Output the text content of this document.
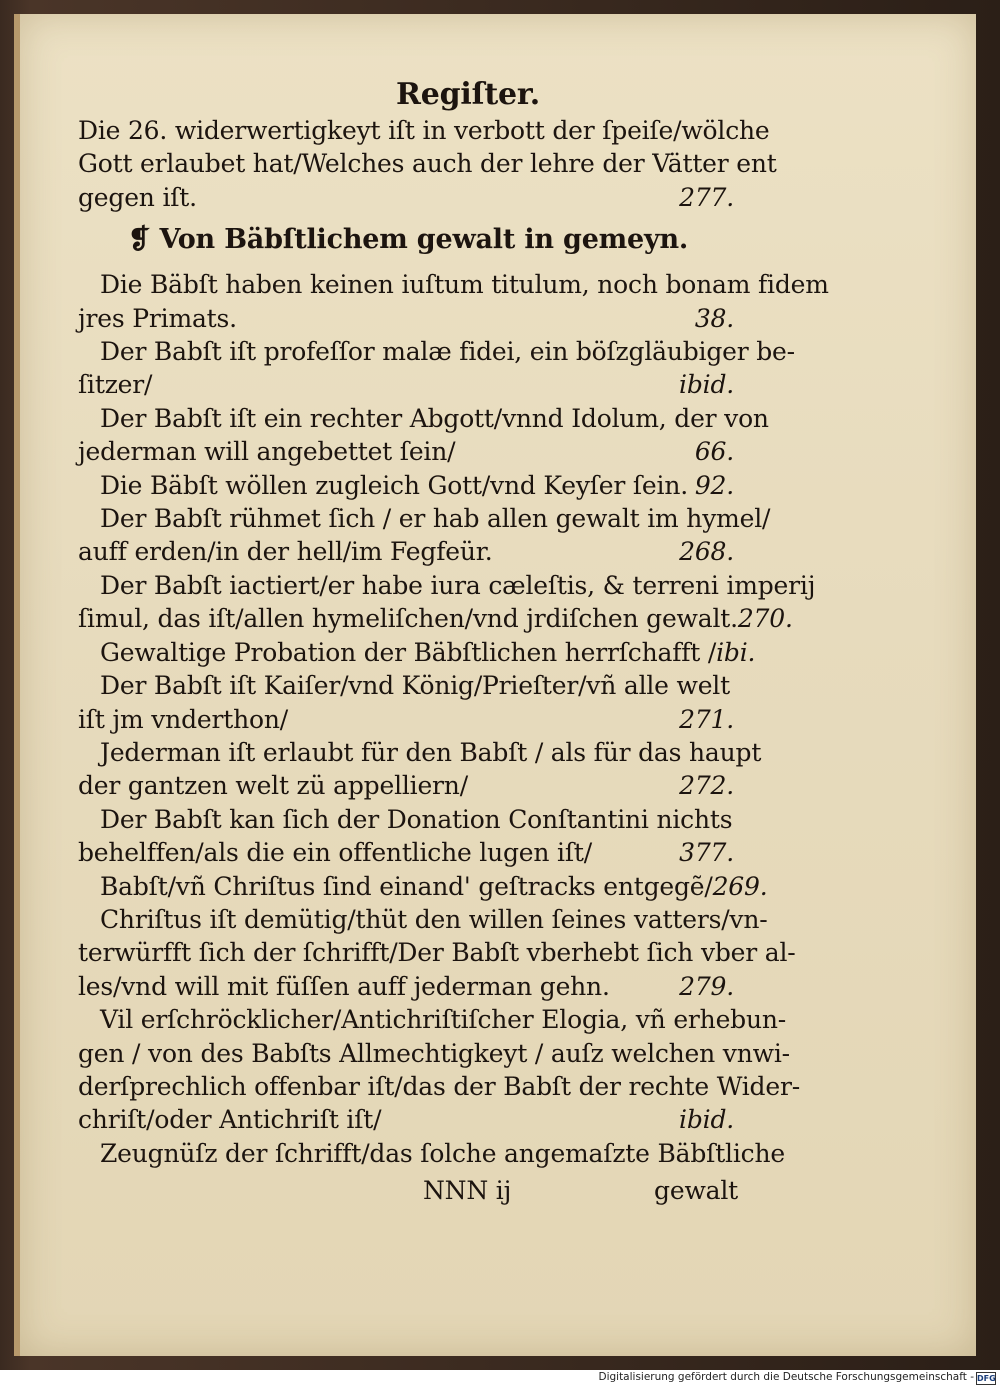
Regiſter.
Die 26. widerwertigkeyt iſt in verbott der ſpeiſe/wölche
Gott erlaubet hat/Welches auch der lehre der Vätter ent
gegen iſt.	277.
❡ Von Bäbſtlichem gewalt in gemeyn.
Die Bäbſt haben keinen iuſtum titulum, noch bonam fidem
jres Primats.	38.
Der Babſt iſt profeſſor malæ fidei, ein böſzgläubiger be-
ſitzer/	ibid.
Der Babſt iſt ein rechter Abgott/vnnd Idolum, der von
jederman will angebettet ſein/	66.
Die Bäbſt wöllen zugleich Gott/vnd Keyſer ſein. 92.
Der Babſt rühmet ſich / er hab allen gewalt im hymel/
auff erden/in der hell/im Fegfeür.	268.
Der Babſt iactiert/er habe iura cæleſtis, & terreni imperij
ſimul, das iſt/allen hymeliſchen/vnd jrdiſchen gewalt. 270.
Gewaltige Probation der Bäbſtlichen herrſchafft / ibi.
Der Babſt iſt Kaiſer/vnd König/Prieſter/vñ alle welt
iſt jm vnderthon/	271.
Jederman iſt erlaubt für den Babſt / als für das haupt
der gantzen welt zü appelliern/	272.
Der Babſt kan ſich der Donation Conſtantini nichts
behelffen/als die ein offentliche lugen iſt/	377.
Babſt/vñ Chriſtus ſind einand' geſtracks entgegẽ/ 269.
Chriſtus iſt demütig/thüt den willen ſeines vatters/vn-
terwürfft ſich der ſchrifft/Der Babſt vberhebt ſich vber al-
les/vnd will mit füſſen auff jederman gehn.	279.
Vil erſchröcklicher/Antichriſtiſcher Elogia, vñ erhebun-
gen / von des Babſts Allmechtigkeyt / auſz welchen vnwi-
derſprechlich offenbar iſt/das der Babſt der rechte Wider-
chriſt/oder Antichriſt iſt/	ibid.
Zeugnüſz der ſchrifft/das ſolche angemaſzte Bäbſtliche
NNN ij	gewalt
Digitalisierung gefördert durch die Deutsche Forschungsgemeinschaft - DFG
